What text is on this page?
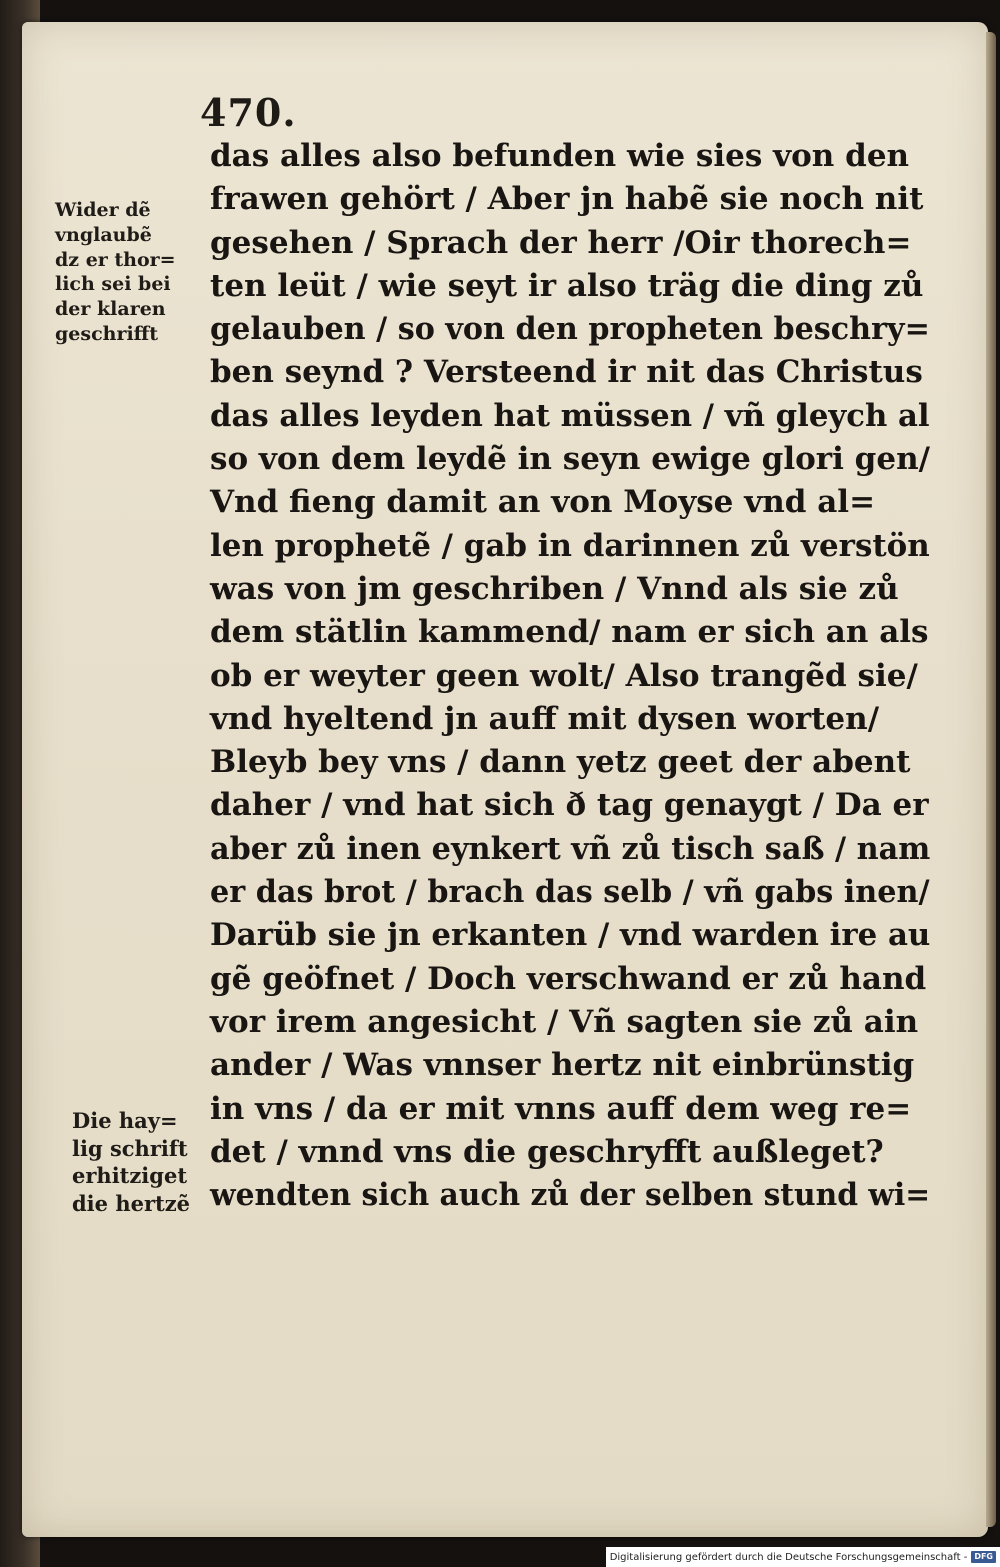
470.
das alles also befunden wie sies von den
frawen gehört / Aber jn habẽ sie noch nit
gesehen / Sprach der herr /Oir thorech=
ten leüt / wie seyt ir also träg die ding zů
gelauben / so von den propheten beschry=
ben seynd ? Versteend ir nit das Christus
das alles leyden hat müssen / vñ gleych al
so von dem leydẽ in seyn ewige glori gen/
Vnd fieng damit an von Moyse vnd al=
len prophetẽ / gab in darinnen zů verstön
was von jm geschriben / Vnnd als sie zů
dem stätlin kammend/ nam er sich an als
ob er weyter geen wolt/ Also trangẽd sie/
vnd hyeltend jn auff mit dysen worten/
Bleyb bey vns / dann yetz geet der abent
daher / vnd hat sich ð tag genaygt / Da er
aber zů inen eynkert vñ zů tisch saß / nam
er das brot / brach das selb / vñ gabs inen/
Darüb sie jn erkanten / vnd warden ire au
gẽ geöfnet / Doch verschwand er zů hand
vor irem angesicht / Vñ sagten sie zů ain
ander / Was vnnser hertz nit einbrünstig
in vns / da er mit vnns auff dem weg re=
det / vnnd vns die geschryfft außleget?
wendten sich auch zů der selben stund wi=
Wider dẽ
vnglaubẽ
dz er thor=
lich sei bei
der klaren
geschrifft
Die hay=
lig schrift
erhitziget
die hertzẽ
Digitalisierung gefördert durch die Deutsche Forschungsgemeinschaft - DFG
